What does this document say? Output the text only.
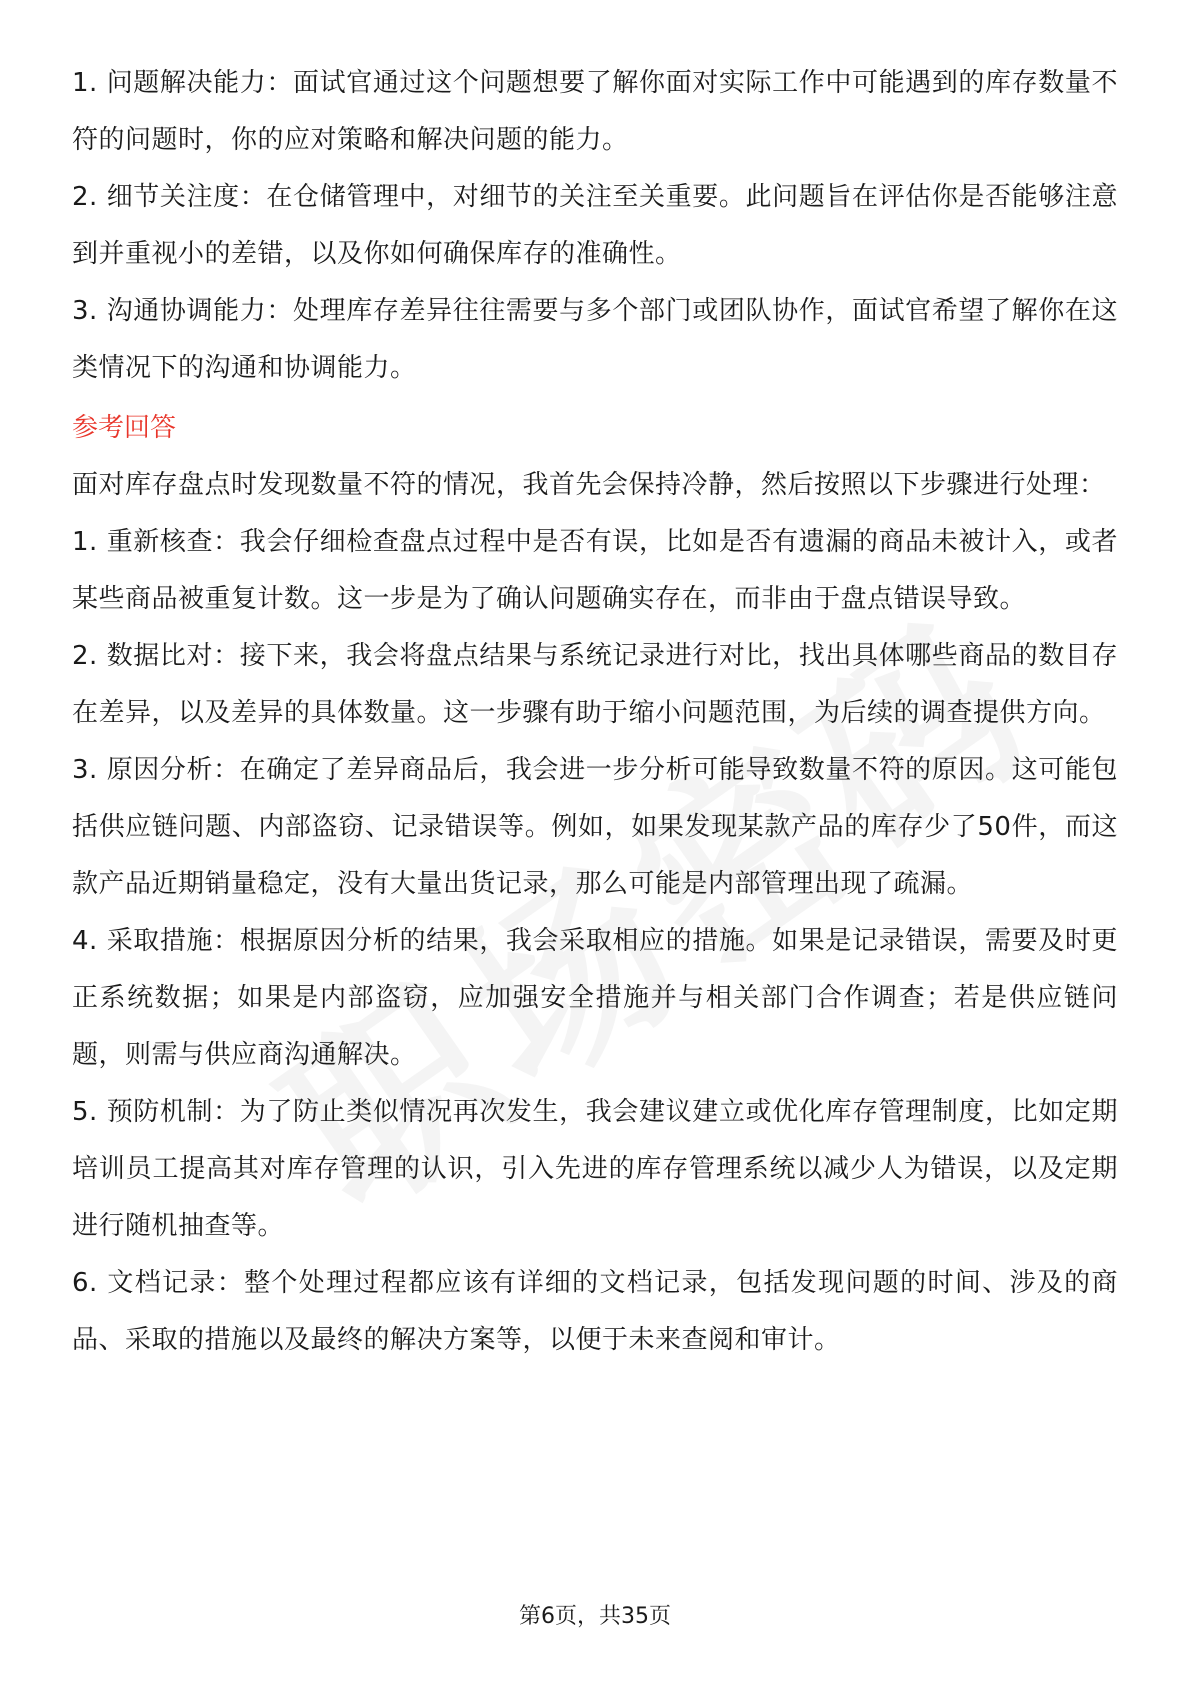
1. 问题解决能力：面试官通过这个问题想要了解你面对实际工作中可能遇到的库存数量不符的问题时，你的应对策略和解决问题的能力。

2. 细节关注度：在仓储管理中，对细节的关注至关重要。此问题旨在评估你是否能够注意到并重视小的差错，以及你如何确保库存的准确性。

3. 沟通协调能力：处理库存差异往往需要与多个部门或团队协作，面试官希望了解你在这类情况下的沟通和协调能力。

参考回答

面对库存盘点时发现数量不符的情况，我首先会保持冷静，然后按照以下步骤进行处理：

1. 重新核查：我会仔细检查盘点过程中是否有误，比如是否有遗漏的商品未被计入，或者某些商品被重复计数。这一步是为了确认问题确实存在，而非由于盘点错误导致。

2. 数据比对：接下来，我会将盘点结果与系统记录进行对比，找出具体哪些商品的数目存在差异，以及差异的具体数量。这一步骤有助于缩小问题范围，为后续的调查提供方向。

3. 原因分析：在确定了差异商品后，我会进一步分析可能导致数量不符的原因。这可能包括供应链问题、内部盗窃、记录错误等。例如，如果发现某款产品的库存少了50件，而这款产品近期销量稳定，没有大量出货记录，那么可能是内部管理出现了疏漏。

4. 采取措施：根据原因分析的结果，我会采取相应的措施。如果是记录错误，需要及时更正系统数据；如果是内部盗窃，应加强安全措施并与相关部门合作调查；若是供应链问题，则需与供应商沟通解决。

5. 预防机制：为了防止类似情况再次发生，我会建议建立或优化库存管理制度，比如定期培训员工提高其对库存管理的认识，引入先进的库存管理系统以减少人为错误，以及定期进行随机抽查等。

6. 文档记录：整个处理过程都应该有详细的文档记录，包括发现问题的时间、涉及的商品、采取的措施以及最终的解决方案等，以便于未来查阅和审计。

第6页，共35页
